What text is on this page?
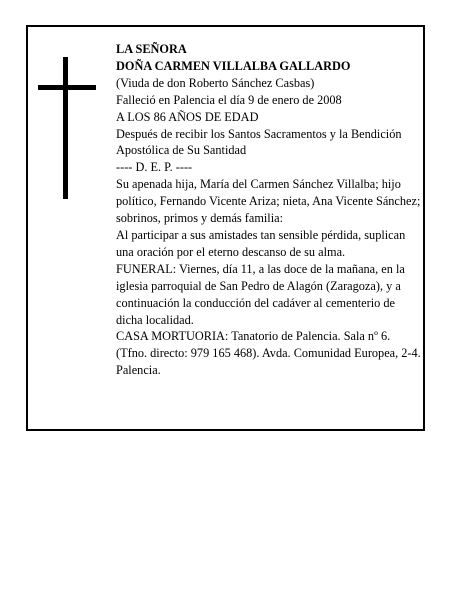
LA SEÑORA

DOÑA CARMEN VILLALBA GALLARDO

(Viuda de don Roberto Sánchez Casbas)

Falleció en Palencia el día 9 de enero de 2008

A LOS 86 AÑOS DE EDAD

Después de recibir los Santos Sacramentos y la Bendición Apostólica de Su Santidad

---- D. E. P. ----

Su apenada hija, María del Carmen Sánchez Villalba; hijo político, Fernando Vicente Ariza; nieta, Ana Vicente Sánchez; sobrinos, primos y demás familia:

Al participar a sus amistades tan sensible pérdida, suplican una oración por el eterno descanso de su alma.

FUNERAL: Viernes, día 11, a las doce de la mañana, en la iglesia parroquial de San Pedro de Alagón (Zaragoza), y a continuación la conducción del cadáver al cementerio de dicha localidad.

CASA MORTUORIA: Tanatorio de Palencia. Sala nº 6. (Tfno. directo: 979 165 468). Avda. Comunidad Europea, 2-4. Palencia.
